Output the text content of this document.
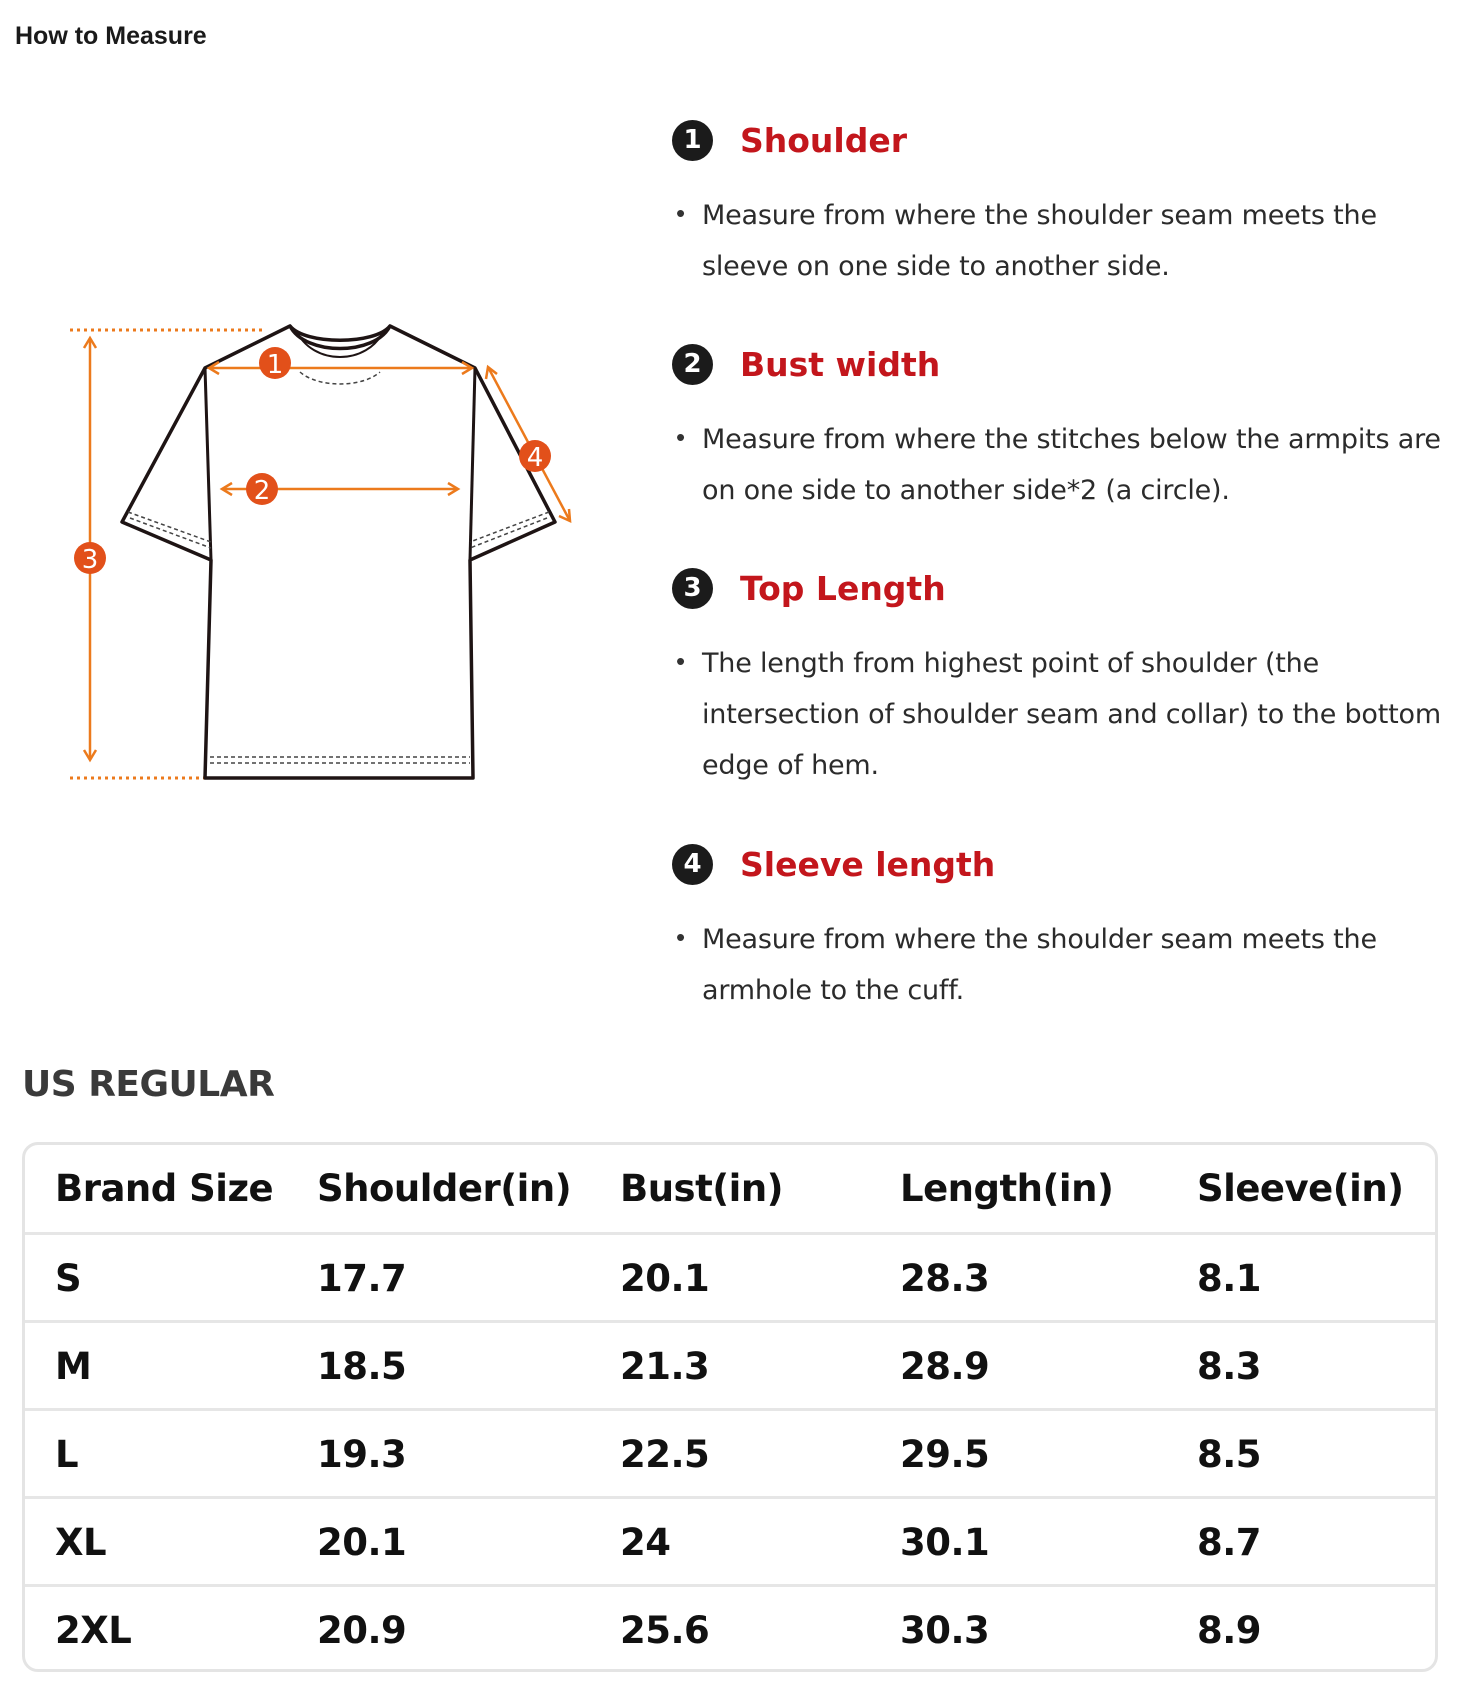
How to Measure
1
2
3
4
1	Shoulder
• Measure from where the shoulder seam meets the sleeve on one side to another side.
2	Bust width
• Measure from where the stitches below the armpits are on one side to another side*2 (a circle).
3	Top Length
• The length from highest point of shoulder (the intersection of shoulder seam and collar) to the bottom edge of hem.
4	Sleeve length
• Measure from where the shoulder seam meets the armhole to the cuff.
US REGULAR
Brand Size Shoulder(in) Bust(in)	Length(in) Sleeve(in)
S	17.7	20.1	28.3	8.1
M	18.5	21.3	28.9	8.3
L	19.3	22.5	29.5	8.5
XL	20.1	24	30.1	8.7
2XL	20.9	25.6	30.3	8.9
